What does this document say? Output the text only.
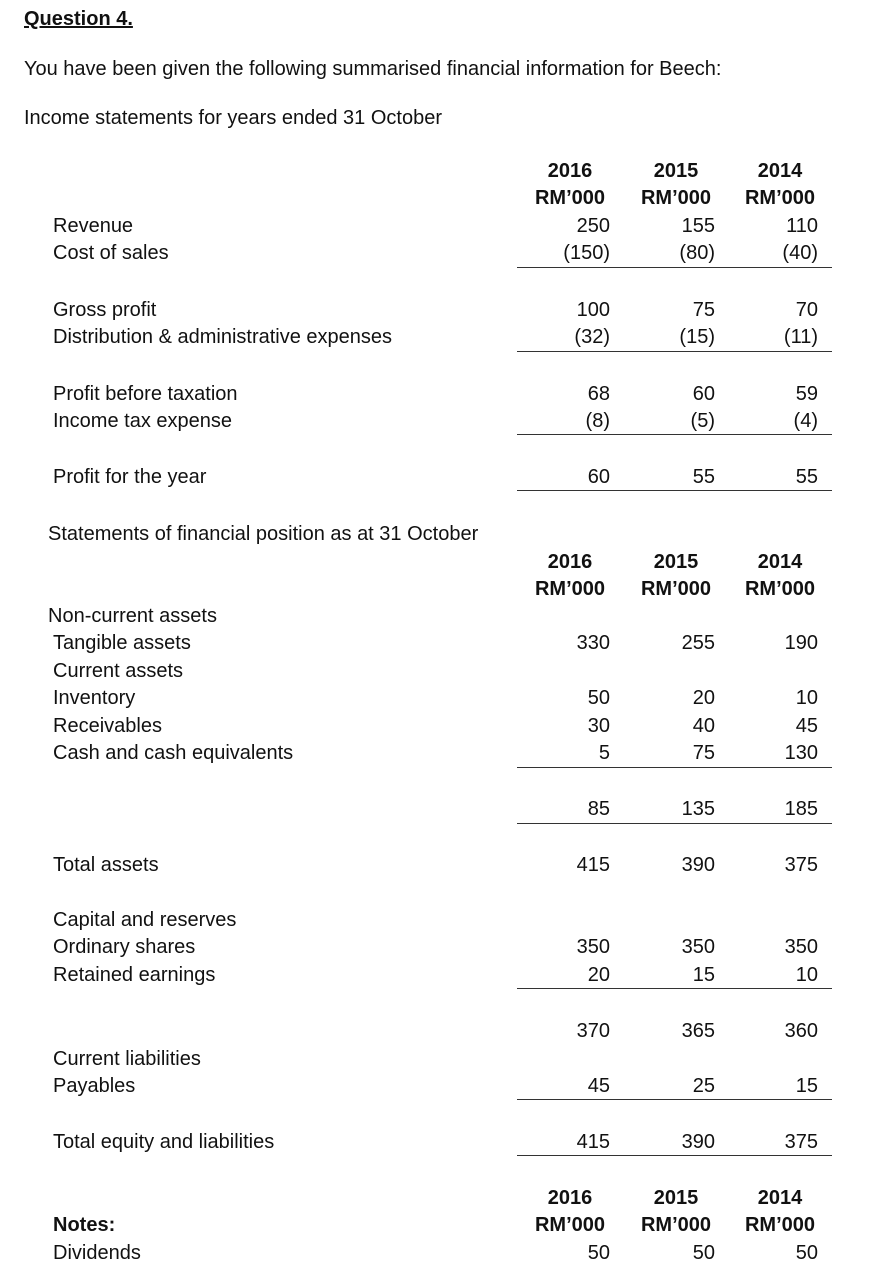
Question 4.
You have been given the following summarised financial information for Beech:
Income statements for years ended 31 October
2016	2015	2014
RM’000	RM’000	RM’000
Revenue	250	155	110
Cost of sales	(150)	(80)	(40)
Gross profit	100	75	70
Distribution & administrative expenses	(32)	(15)	(11)
Profit before taxation	68	60	59
Income tax expense	(8)	(5)	(4)
Profit for the year	60	55	55
Statements of financial position as at 31 October
2016	2015	2014
RM’000	RM’000	RM’000
Non-current assets
Tangible assets	330	255	190
Current assets
Inventory	50	20	10
Receivables	30	40	45
Cash and cash equivalents	5	75	130
85	135	185
Total assets	415	390	375
Capital and reserves
Ordinary shares	350	350	350
Retained earnings	20	15	10
370	365	360
Current liabilities
Payables	45	25	15
Total equity and liabilities	415	390	375
2016	2015	2014
Notes:	RM’000	RM’000	RM’000
Dividends	50	50	50
